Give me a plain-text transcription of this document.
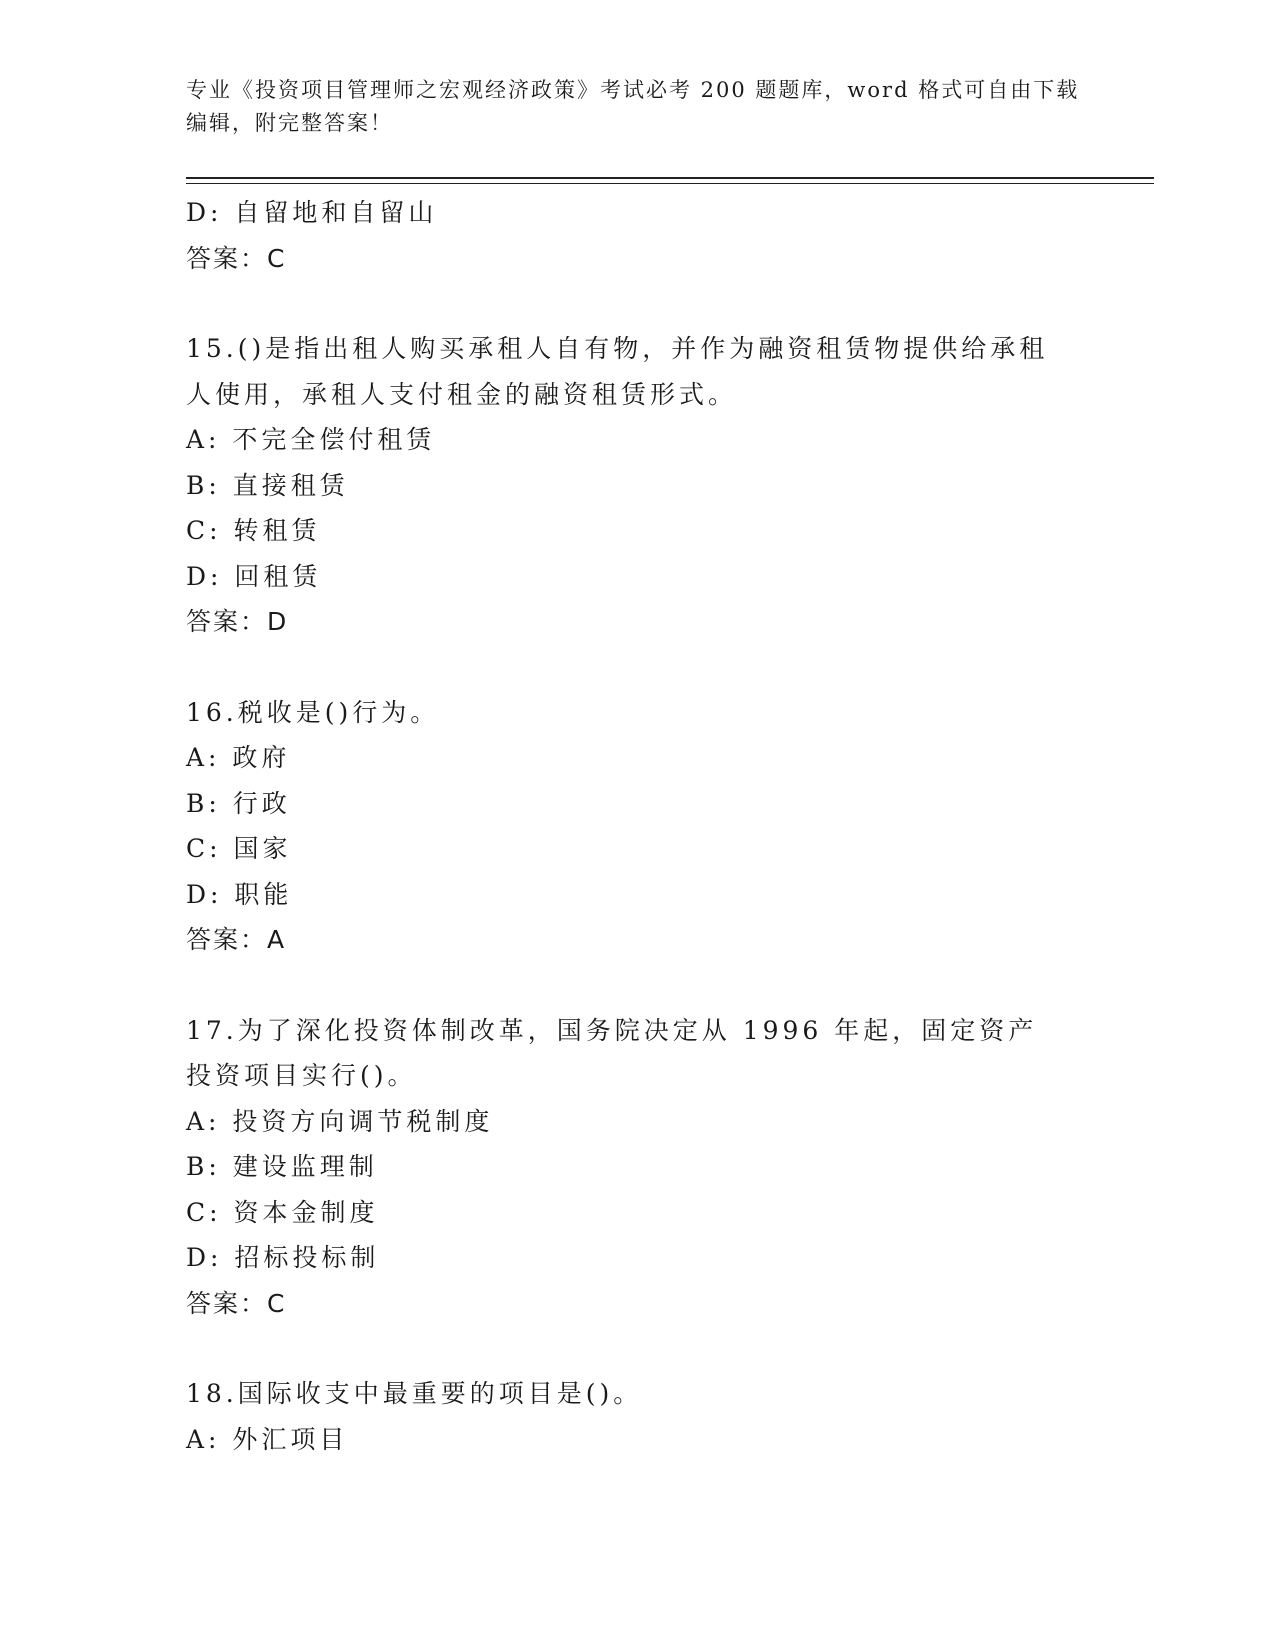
专业《投资项目管理师之宏观经济政策》考试必考 200 题题库，word 格式可自由下载编辑，附完整答案！
D: 自留地和自留山
答案：C
15.()是指出租人购买承租人自有物，并作为融资租赁物提供给承租人使用，承租人支付租金的融资租赁形式。
A: 不完全偿付租赁
B: 直接租赁
C: 转租赁
D: 回租赁
答案：D
16.税收是()行为。
A: 政府
B: 行政
C: 国家
D: 职能
答案：A
17.为了深化投资体制改革，国务院决定从 1996 年起，固定资产投资项目实行()。
A: 投资方向调节税制度
B: 建设监理制
C: 资本金制度
D: 招标投标制
答案：C
18.国际收支中最重要的项目是()。
A: 外汇项目
